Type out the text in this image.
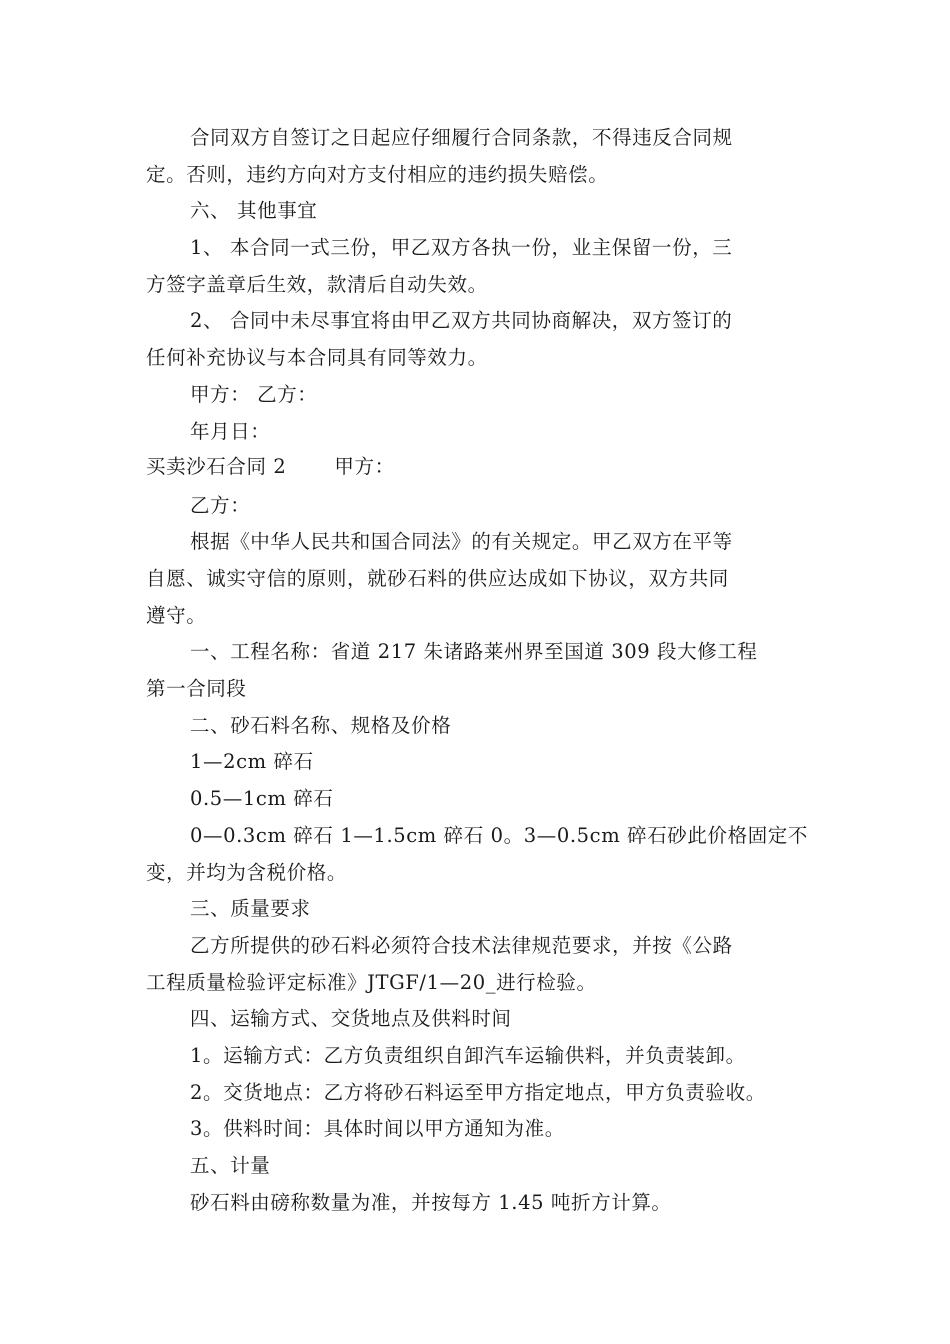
合同双方自签订之日起应仔细履行合同条款，不得违反合同规
定。否则，违约方向对方支付相应的违约损失赔偿。
六、 其他事宜
1、 本合同一式三份，甲乙双方各执一份，业主保留一份，三
方签字盖章后生效，款清后自动失效。
2、 合同中未尽事宜将由甲乙双方共同协商解决，双方签订的
任何补充协议与本合同具有同等效力。
甲方： 乙方：
年月日：
买卖沙石合同 2 甲方：
乙方：
根据《中华人民共和国合同法》的有关规定。甲乙双方在平等
自愿、诚实守信的原则，就砂石料的供应达成如下协议，双方共同
遵守。
一、工程名称：省道 217 朱诸路莱州界至国道 309 段大修工程
第一合同段
二、砂石料名称、规格及价格
1—2cm 碎石
0.5—1cm 碎石
0—0.3cm 碎石 1—1.5cm 碎石 0。3—0.5cm 碎石砂此价格固定不
变，并均为含税价格。
三、质量要求
乙方所提供的砂石料必须符合技术法律规范要求，并按《公路
工程质量检验评定标准》JTGF/1—20_进行检验。
四、运输方式、交货地点及供料时间
1。运输方式：乙方负责组织自卸汽车运输供料，并负责装卸。
2。交货地点：乙方将砂石料运至甲方指定地点，甲方负责验收。
3。供料时间：具体时间以甲方通知为准。
五、计量
砂石料由磅称数量为准，并按每方 1.45 吨折方计算。
